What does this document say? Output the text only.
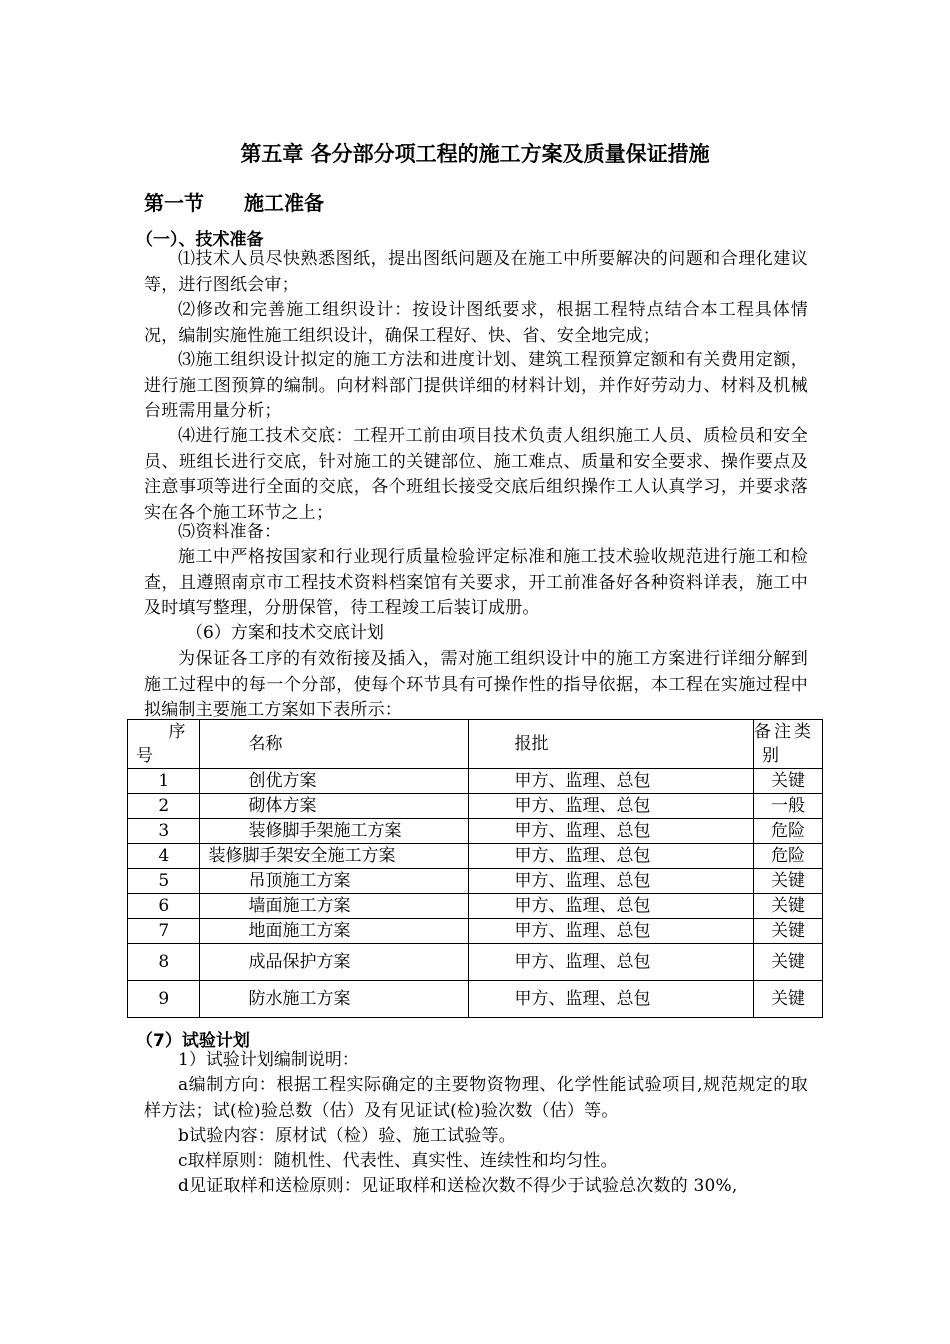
第五章 各分部分项工程的施工方案及质量保证措施
第一节 施工准备
（一）、技术准备
⑴技术人员尽快熟悉图纸，提出图纸问题及在施工中所要解决的问题和合理化建议等，进行图纸会审；
⑵修改和完善施工组织设计：按设计图纸要求，根据工程特点结合本工程具体情况，编制实施性施工组织设计，确保工程好、快、省、安全地完成；
⑶施工组织设计拟定的施工方法和进度计划、建筑工程预算定额和有关费用定额，进行施工图预算的编制。向材料部门提供详细的材料计划，并作好劳动力、材料及机械台班需用量分析；
⑷进行施工技术交底：工程开工前由项目技术负责人组织施工人员、质检员和安全员、班组长进行交底，针对施工的关键部位、施工难点、质量和安全要求、操作要点及注意事项等进行全面的交底，各个班组长接受交底后组织操作工人认真学习，并要求落实在各个施工环节之上；
⑸资料准备：
施工中严格按国家和行业现行质量检验评定标准和施工技术验收规范进行施工和检查，且遵照南京市工程技术资料档案馆有关要求，开工前准备好各种资料详表，施工中及时填写整理，分册保管，待工程竣工后装订成册。
（6）方案和技术交底计划
为保证各工序的有效衔接及插入，需对施工组织设计中的施工方案进行详细分解到施工过程中的每一个分部，使每个环节具有可操作性的指导依据，本工程在实施过程中拟编制主要施工方案如下表所示：
序
号	名称	报批	备注类
别

1	创优方案	甲方、监理、总包	关键
2	砌体方案	甲方、监理、总包	一般
3	装修脚手架施工方案	甲方、监理、总包	危险
4	装修脚手架安全施工方案	甲方、监理、总包	危险
5	吊顶施工方案	甲方、监理、总包	关键
6	墙面施工方案	甲方、监理、总包	关键
7	地面施工方案	甲方、监理、总包	关键
8	成品保护方案	甲方、监理、总包	关键
9	防水施工方案	甲方、监理、总包	关键
（7）试验计划
1）试验计划编制说明：
a编制方向：根据工程实际确定的主要物资物理、化学性能试验项目,规范规定的取样方法；试(检)验总数（估）及有见证试(检)验次数（估）等。
b试验内容：原材试（检）验、施工试验等。
c取样原则：随机性、代表性、真实性、连续性和均匀性。
d见证取样和送检原则：见证取样和送检次数不得少于试验总次数的 30%,
